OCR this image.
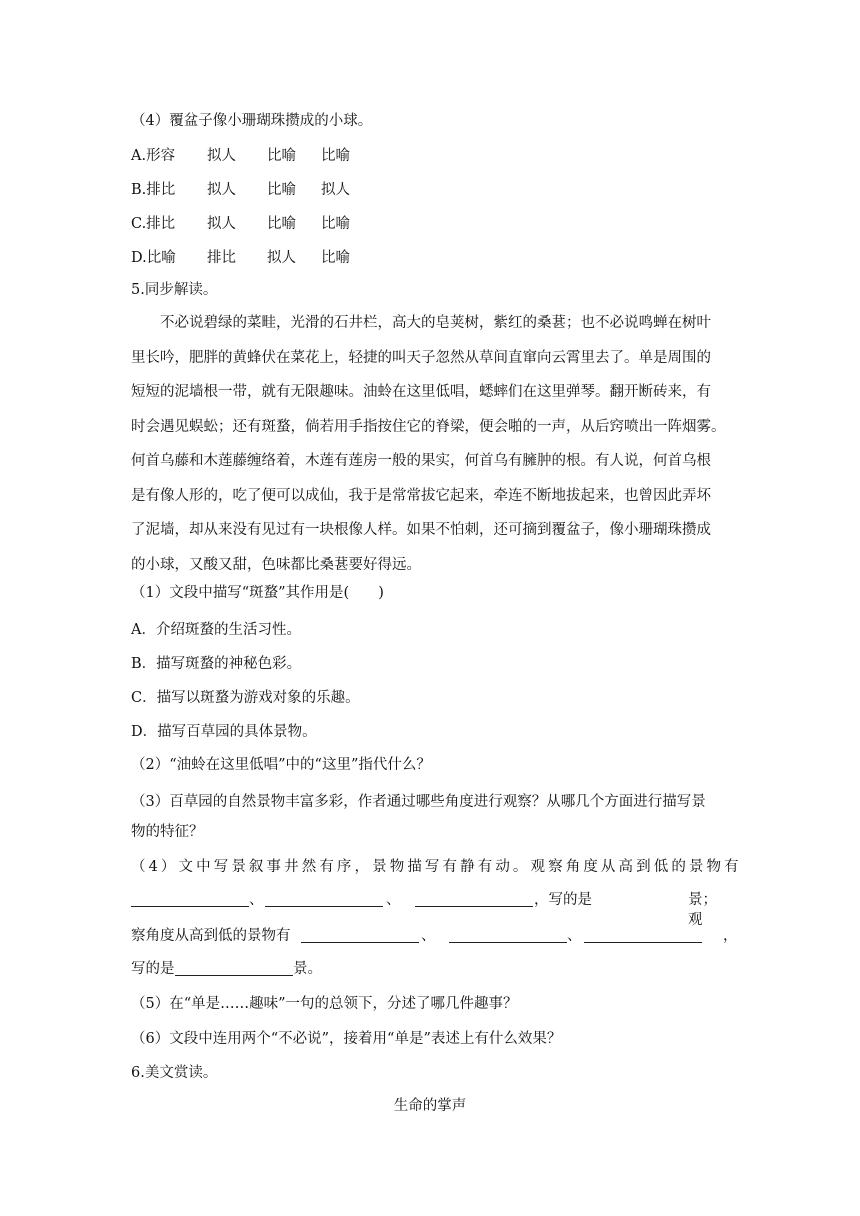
（4）覆盆子像小珊瑚珠攒成的小球。
A.形容 拟人 比喻 比喻
B.排比 拟人 比喻 拟人
C.排比 拟人 比喻 比喻
D.比喻 排比 拟人 比喻
5.同步解读。
不必说碧绿的菜畦，光滑的石井栏，高大的皂荚树，紫红的桑葚；也不必说鸣蝉在树叶
里长吟，肥胖的黄蜂伏在菜花上，轻捷的叫天子忽然从草间直窜向云霄里去了。单是周围的
短短的泥墙根一带，就有无限趣味。油蛉在这里低唱，蟋蟀们在这里弹琴。翻开断砖来，有
时会遇见蜈蚣；还有斑蝥，倘若用手指按住它的脊梁，便会啪的一声，从后窍喷出一阵烟雾。
何首乌藤和木莲藤缠络着，木莲有莲房一般的果实，何首乌有臃肿的根。有人说，何首乌根
是有像人形的，吃了便可以成仙，我于是常常拔它起来，牵连不断地拔起来，也曾因此弄坏
了泥墙，却从来没有见过有一块根像人样。如果不怕刺，还可摘到覆盆子，像小珊瑚珠攒成
的小球，又酸又甜，色味都比桑葚要好得远。
（1）文段中描写“斑蝥”其作用是(　　)
A．介绍斑蝥的生活习性。
B．描写斑蝥的神秘色彩。
C．描写以斑蝥为游戏对象的乐趣。
D．描写百草园的具体景物。
（2）“油蛉在这里低唱”中的“这里”指代什么？
（3）百草园的自然景物丰富多彩，作者通过哪些角度进行观察？从哪几个方面进行描写景
物的特征？
（4）文中写景叙事井然有序，景物描写有静有动。观察角度从高到低的景物有
、	、	，写的是	景；观
察角度从高到低的景物有	、	、	，
写的是	景。
（5）在“单是……趣味”一句的总领下，分述了哪几件趣事？
（6）文段中连用两个“不必说”，接着用“单是”表述上有什么效果？
6.美文赏读。
生命的掌声
